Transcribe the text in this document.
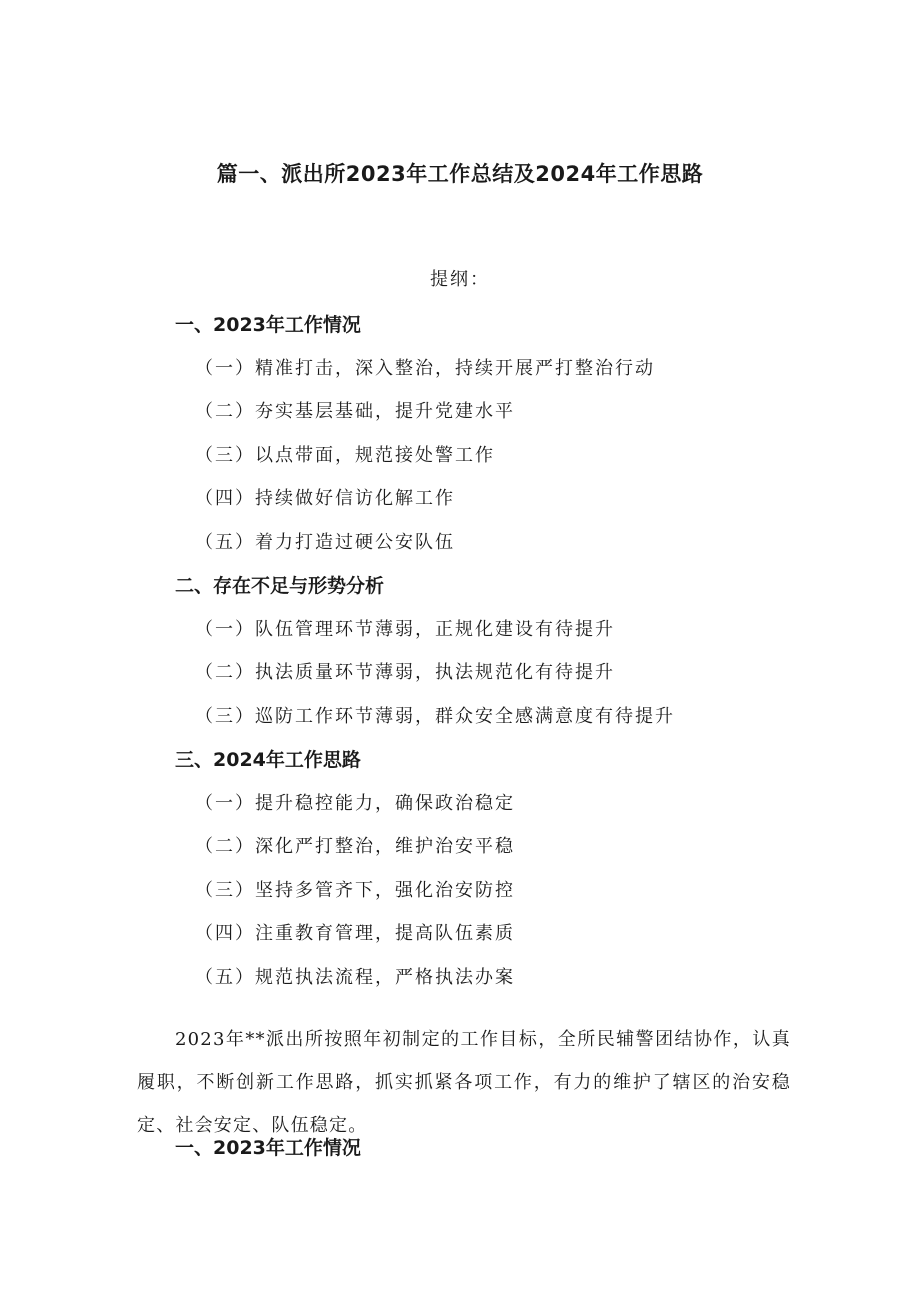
篇一、派出所2023年工作总结及2024年工作思路
提纲：
一、2023年工作情况
（一）精准打击，深入整治，持续开展严打整治行动
（二）夯实基层基础，提升党建水平
（三）以点带面，规范接处警工作
（四）持续做好信访化解工作
（五）着力打造过硬公安队伍
二、存在不足与形势分析
（一）队伍管理环节薄弱，正规化建设有待提升
（二）执法质量环节薄弱，执法规范化有待提升
（三）巡防工作环节薄弱，群众安全感满意度有待提升
三、2024年工作思路
（一）提升稳控能力，确保政治稳定
（二）深化严打整治，维护治安平稳
（三）坚持多管齐下，强化治安防控
（四）注重教育管理，提高队伍素质
（五）规范执法流程，严格执法办案

2023年**派出所按照年初制定的工作目标，全所民辅警团结协作，认真履职，不断创新工作思路，抓实抓紧各项工作，有力的维护了辖区的治安稳定、社会安定、队伍稳定。

一、2023年工作情况
